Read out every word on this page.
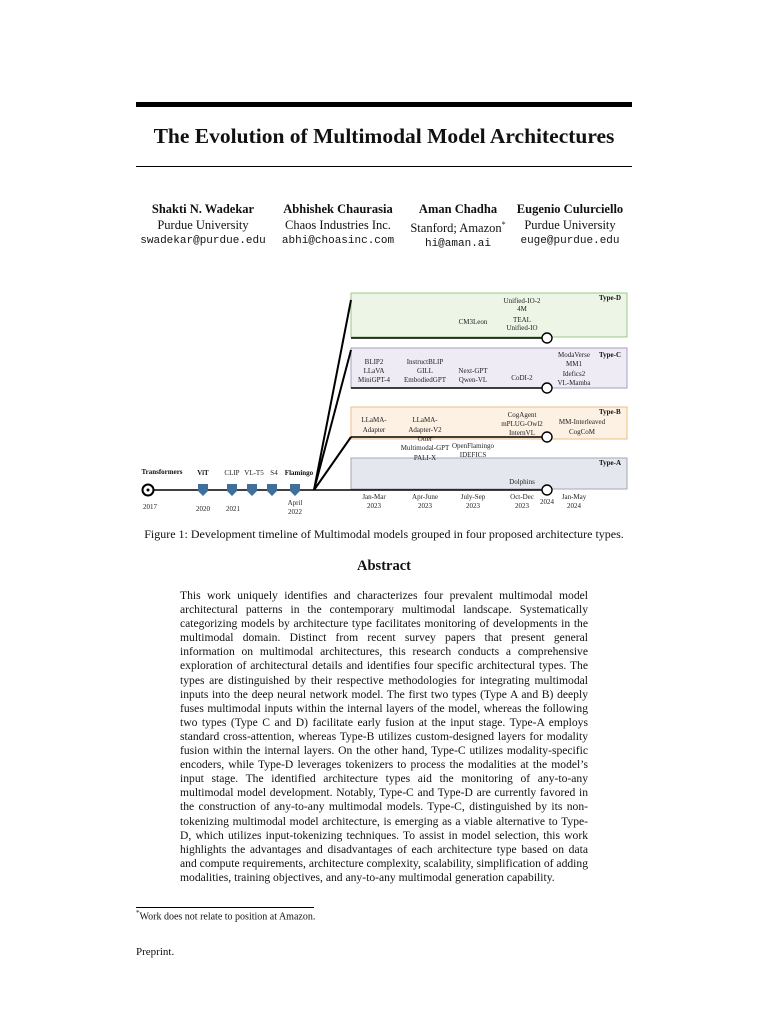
The Evolution of Multimodal Model Architectures
Shakti N. Wadekar
Purdue University
swadekar@purdue.edu
Abhishek Chaurasia
Chaos Industries Inc.
abhi@choasinc.com
Aman Chadha
Stanford; Amazon*
hi@aman.ai
Eugenio Culurciello
Purdue University
euge@purdue.edu
Type-D
Type-C
Type-B
Type-A
Unified-IO-2
4M
TEAL
Unified-IO
CM3Leon
BLIP2
LLaVA
MiniGPT-4
InstructBLIP
GILL
EmbodiedGPT
Next-GPT
Qwen-VL	CoDI-2
ModaVerse
MM1
Idefics2
VL-Mamba
LLaMA-
Adapter
LLaMA-
Adapter-V2
CogAgent
mPLUG-Owl2
InternVL
MM-Interleaved
CogCoM
Otter
Multimodal-GPT
PALI-X
OpenFlamingo
IDEFICS
Dolphins
Transformers ViT CLIP VL-T5 S4 Flamingo
2017	2020 2021
April
2022
Jan-Mar
2023
Apr-June
2023
July-Sep
2023
Oct-Dec
2023 2024
Jan-May
2024
Figure 1: Development timeline of Multimodal models grouped in four proposed architecture types.
Abstract
This work uniquely identifies and characterizes four prevalent multimodal model architectural patterns in the contemporary multimodal landscape. Systematically categorizing models by architecture type facilitates monitoring of developments in the multimodal domain. Distinct from recent survey papers that present general information on multimodal architectures, this research conducts a comprehensive exploration of architectural details and identifies four specific architectural types. The types are distinguished by their respective methodologies for integrating multimodal inputs into the deep neural network model. The first two types (Type A and B) deeply fuses multimodal inputs within the internal layers of the model, whereas the following two types (Type C and D) facilitate early fusion at the input stage. Type-A employs standard cross-attention, whereas Type-B utilizes custom-designed layers for modality fusion within the internal layers. On the other hand, Type-C utilizes modality-specific encoders, while Type-D leverages tokenizers to process the modalities at the model’s input stage. The identified architecture types aid the monitoring of any-to-any multimodal model development. Notably, Type-C and Type-D are currently favored in the construction of any-to-any multimodal models. Type-C, distinguished by its non-tokenizing multimodal model architecture, is emerging as a viable alternative to Type-D, which utilizes input-tokenizing techniques. To assist in model selection, this work highlights the advantages and disadvantages of each architecture type based on data and compute requirements, architecture complexity, scalability, simplification of adding modalities, training objectives, and any-to-any multimodal generation capability.
*Work does not relate to position at Amazon.
Preprint.
